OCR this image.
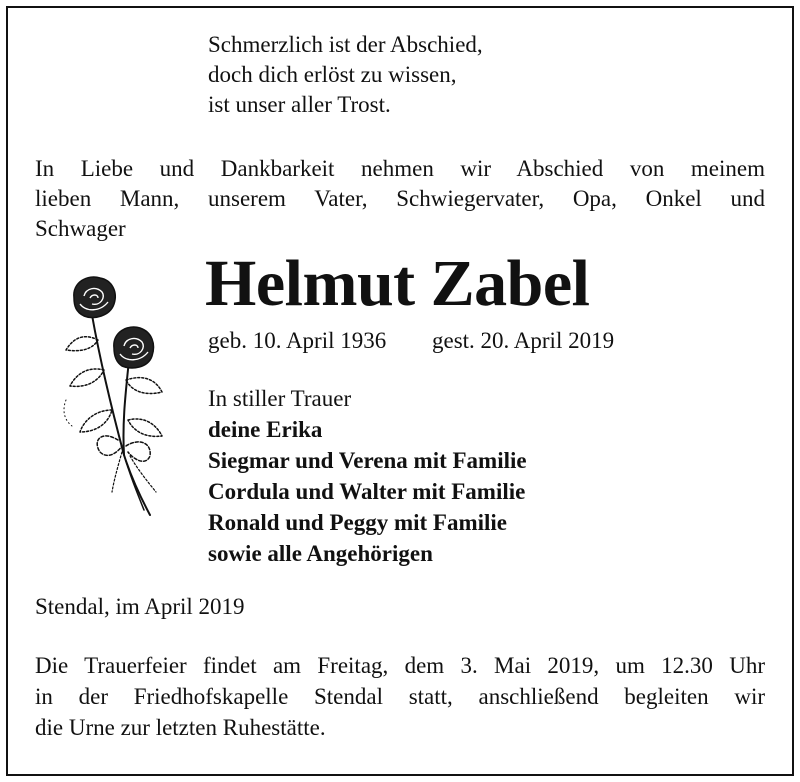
Schmerzlich ist der Abschied,
doch dich erlöst zu wissen,
ist unser aller Trost.
In Liebe und Dankbarkeit nehmen wir Abschied von meinem
lieben Mann, unserem Vater, Schwiegervater, Opa, Onkel und
Schwager
Helmut Zabel
geb. 10. April 1936 gest. 20. April 2019
In stiller Trauer
deine Erika
Siegmar und Verena mit Familie
Cordula und Walter mit Familie
Ronald und Peggy mit Familie
sowie alle Angehörigen
Stendal, im April 2019
Die Trauerfeier findet am Freitag, dem 3. Mai 2019, um 12.30 Uhr
in der Friedhofskapelle Stendal statt, anschließend begleiten wir
die Urne zur letzten Ruhestätte.
